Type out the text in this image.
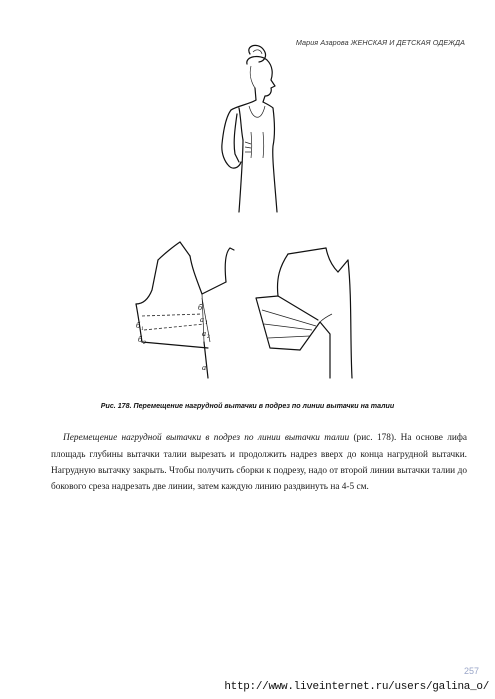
Мария Азарова ЖЕНСКАЯ И ДЕТСКАЯ ОДЕЖДА
б
а 1
а 2
б 1
б 2
а
Рис. 178. Перемещение нагрудной вытачки в подрез по линии вытачки на талии

Перемещение нагрудной вытачки в подрез по линии вытачки талии (рис. 178). На основе лифа площадь глубины вытачки талии вырезать и продолжить надрез вверх до конца нагрудной вытачки. Нагрудную вытачку закрыть. Чтобы получить сборки к подрезу, надо от второй линии вытачки талии до бокового среза надрезать две линии, затем каждую линию раздвинуть на 4-5 см.

257
http://www.liveinternet.ru/users/galina_o/
